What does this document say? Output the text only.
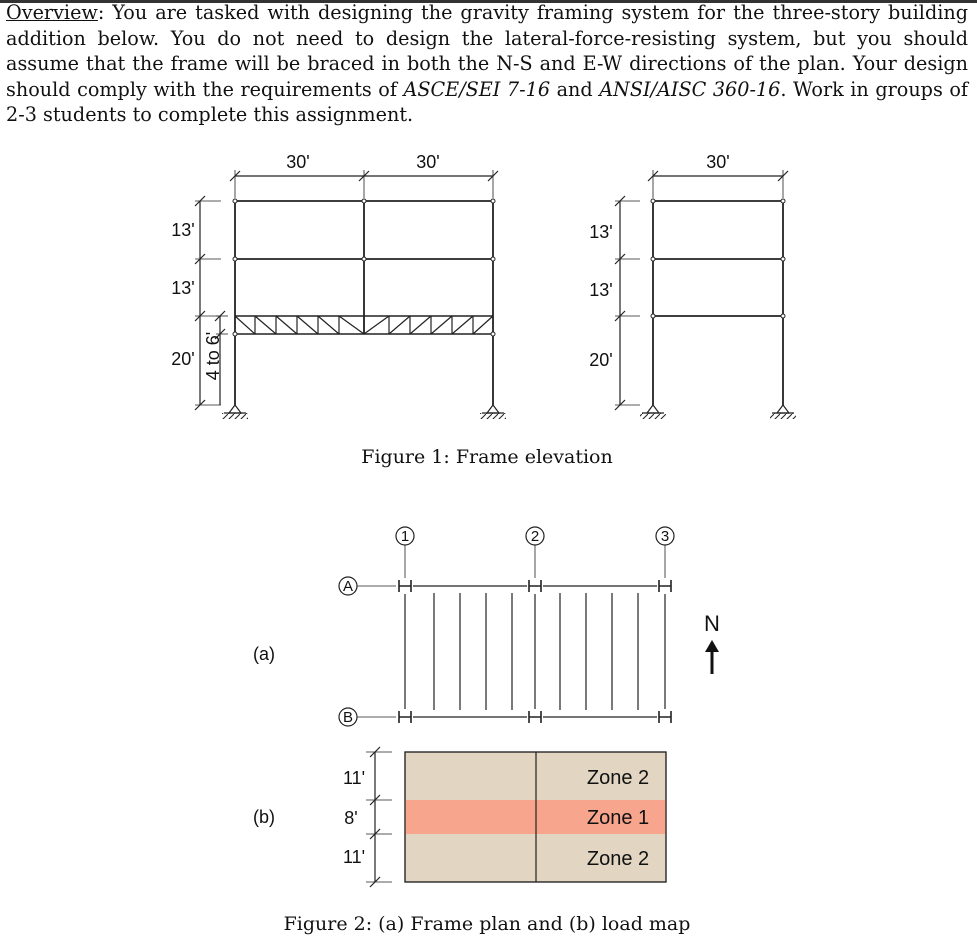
Overview: You are tasked with designing the gravity framing system for the three-story building addition below. You do not need to design the lateral-force-resisting system, but you should assume that the frame will be braced in both the N-S and E-W directions of the plan. Your design should comply with the requirements of ASCE/SEI 7-16 and ANSI/AISC 360-16. Work in groups of 2-3 students to complete this assignment.
30'	30'
13'
13'
20' 4 to 6'
30'
13'
13'
20'
Figure 1: Frame elevation
1	2	3
A
B
(a)
N
11'
8'
11'
Zone 2
Zone 1
Zone 2
(b)
Figure 2: (a) Frame plan and (b) load map
